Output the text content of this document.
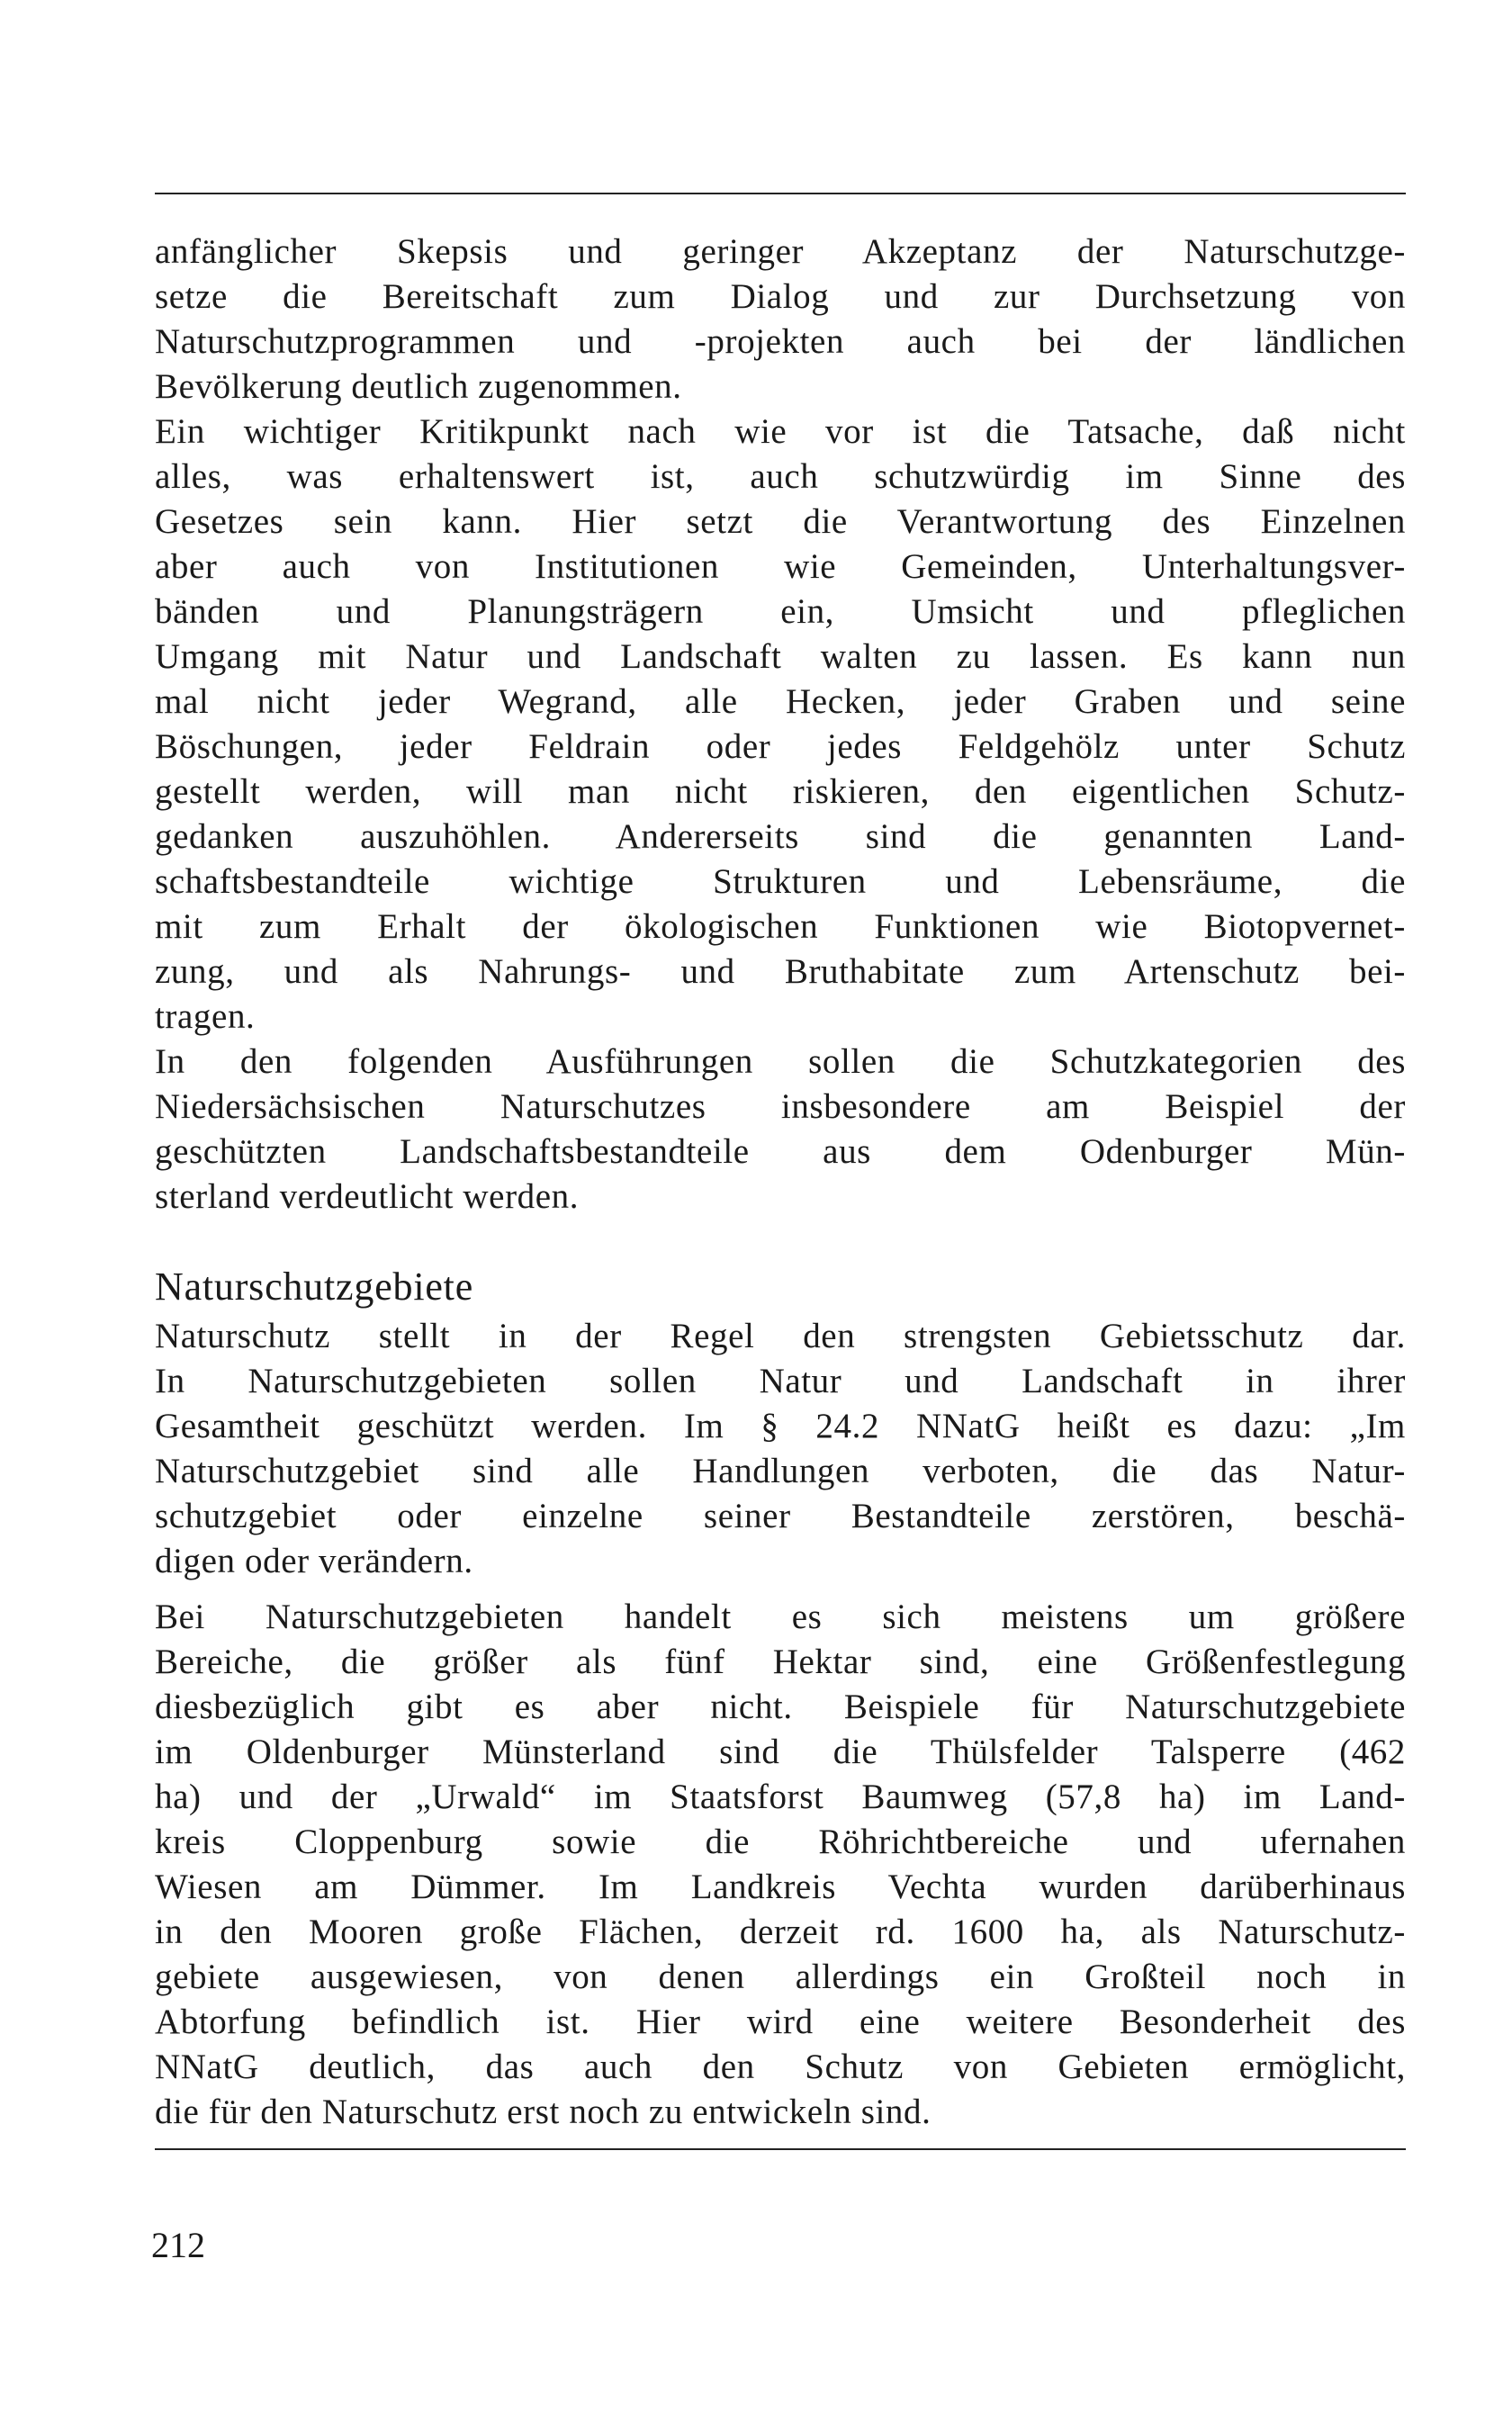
anfänglicher Skepsis und geringer Akzeptanz der Naturschutzge-
setze die Bereitschaft zum Dialog und zur Durchsetzung von
Naturschutzprogrammen und -projekten auch bei der ländlichen
Bevölkerung deutlich zugenommen.
Ein wichtiger Kritikpunkt nach wie vor ist die Tatsache, daß nicht
alles, was erhaltenswert ist, auch schutzwürdig im Sinne des
Gesetzes sein kann. Hier setzt die Verantwortung des Einzelnen
aber auch von Institutionen wie Gemeinden, Unterhaltungsver-
bänden und Planungsträgern ein, Umsicht und pfleglichen
Umgang mit Natur und Landschaft walten zu lassen. Es kann nun
mal nicht jeder Wegrand, alle Hecken, jeder Graben und seine
Böschungen, jeder Feldrain oder jedes Feldgehölz unter Schutz
gestellt werden, will man nicht riskieren, den eigentlichen Schutz-
gedanken auszuhöhlen. Andererseits sind die genannten Land-
schaftsbestandteile wichtige Strukturen und Lebensräume, die
mit zum Erhalt der ökologischen Funktionen wie Biotopvernet-
zung, und als Nahrungs- und Bruthabitate zum Artenschutz bei-
tragen.
In den folgenden Ausführungen sollen die Schutzkategorien des
Niedersächsischen Naturschutzes insbesondere am Beispiel der
geschützten Landschaftsbestandteile aus dem Odenburger Mün-
sterland verdeutlicht werden.
Naturschutzgebiete
Naturschutz stellt in der Regel den strengsten Gebietsschutz dar.
In Naturschutzgebieten sollen Natur und Landschaft in ihrer
Gesamtheit geschützt werden. Im § 24.2 NNatG heißt es dazu: „Im
Naturschutzgebiet sind alle Handlungen verboten, die das Natur-
schutzgebiet oder einzelne seiner Bestandteile zerstören, beschä-
digen oder verändern.
Bei Naturschutzgebieten handelt es sich meistens um größere
Bereiche, die größer als fünf Hektar sind, eine Größenfestlegung
diesbezüglich gibt es aber nicht. Beispiele für Naturschutzgebiete
im Oldenburger Münsterland sind die Thülsfelder Talsperre (462
ha) und der „Urwald“ im Staatsforst Baumweg (57,8 ha) im Land-
kreis Cloppenburg sowie die Röhrichtbereiche und ufernahen
Wiesen am Dümmer. Im Landkreis Vechta wurden darüberhinaus
in den Mooren große Flächen, derzeit rd. 1600 ha, als Naturschutz-
gebiete ausgewiesen, von denen allerdings ein Großteil noch in
Abtorfung befindlich ist. Hier wird eine weitere Besonderheit des
NNatG deutlich, das auch den Schutz von Gebieten ermöglicht,
die für den Naturschutz erst noch zu entwickeln sind.
212
